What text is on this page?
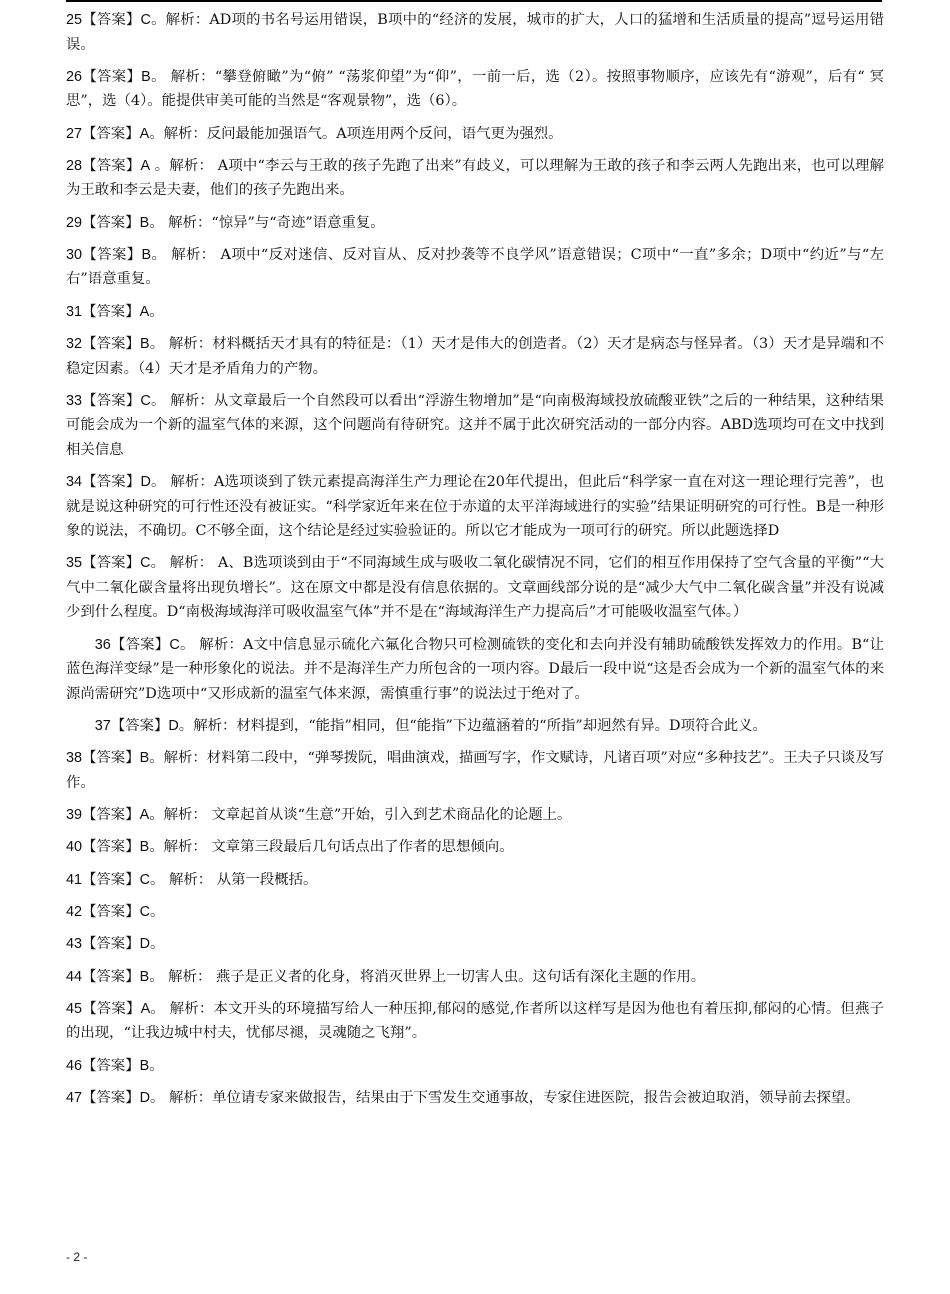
25【答案】C。解析：AD项的书名号运用错误，B项中的“经济的发展，城市的扩大，人口的猛增和生活质量的提高”逗号运用错误。

26【答案】B。 解析：“攀登俯瞰”为“俯” “荡浆仰望”为“仰”，一前一后，选（2）。按照事物顺序，应该先有“游观”，后有“ 冥思”，选（4）。能提供审美可能的当然是“客观景物”，选（6）。

27【答案】A。解析：反问最能加强语气。A项连用两个反问，语气更为强烈。

28【答案】A 。解析： A项中“李云与王敢的孩子先跑了出来”有歧义，可以理解为王敢的孩子和李云两人先跑出来，也可以理解为王敢和李云是夫妻，他们的孩子先跑出来。

29【答案】B。 解析：“惊异”与“奇迹”语意重复。

30【答案】B。 解析： A项中“反对迷信、反对盲从、反对抄袭等不良学风”语意错误；C项中“一直”多余；D项中“约近”与“左右”语意重复。

31【答案】A。

32【答案】B。 解析：材料概括天才具有的特征是：（1）天才是伟大的创造者。（2）天才是病态与怪异者。（3）天才是异端和不稳定因素。（4）天才是矛盾角力的产物。

33【答案】C。 解析：从文章最后一个自然段可以看出“浮游生物增加”是“向南极海域投放硫酸亚铁”之后的一种结果，这种结果可能会成为一个新的温室气体的来源，这个问题尚有待研究。这并不属于此次研究活动的一部分内容。ABD选项均可在文中找到相关信息

34【答案】D。 解析：A选项谈到了铁元素提高海洋生产力理论在20年代提出，但此后“科学家一直在对这一理论理行完善”，也就是说这种研究的可行性还没有被证实。“科学家近年来在位于赤道的太平洋海域进行的实验”结果证明研究的可行性。B是一种形象的说法，不确切。C不够全面，这个结论是经过实验验证的。所以它才能成为一项可行的研究。所以此题选择D

35【答案】C。 解析： A、B选项谈到由于“不同海域生成与吸收二氧化碳情况不同，它们的相互作用保持了空气含量的平衡”“大气中二氧化碳含量将出现负增长”。这在原文中都是没有信息依据的。文章画线部分说的是“减少大气中二氧化碳含量”并没有说减少到什么程度。D“南极海域海洋可吸收温室气体”并不是在“海域海洋生产力提高后”才可能吸收温室气体。）

36【答案】C。 解析：A文中信息显示硫化六氟化合物只可检测硫铁的变化和去向并没有辅助硫酸铁发挥效力的作用。B“让蓝色海洋变绿”是一种形象化的说法。并不是海洋生产力所包含的一项内容。D最后一段中说“这是否会成为一个新的温室气体的来源尚需研究”D选项中“又形成新的温室气体来源，需慎重行事”的说法过于绝对了。

37【答案】D。解析：材料提到，“能指”相同，但“能指”下边蕴涵着的“所指”却迥然有异。D项符合此义。

38【答案】B。解析：材料第二段中，“弹琴拨阮，唱曲演戏，描画写字，作文赋诗，凡诸百项”对应“多种技艺”。王夫子只谈及写作。

39【答案】A。解析： 文章起首从谈“生意”开始，引入到艺术商品化的论题上。

40【答案】B。解析： 文章第三段最后几句话点出了作者的思想倾向。

41【答案】C。 解析： 从第一段概括。

42【答案】C。

43【答案】D。

44【答案】B。 解析： 燕子是正义者的化身，将消灭世界上一切害人虫。这句话有深化主题的作用。

45【答案】A。 解析：本文开头的环境描写给人一种压抑,郁闷的感觉,作者所以这样写是因为他也有着压抑,郁闷的心情。但燕子的出现，“让我边城中村夫，忧郁尽褪，灵魂随之飞翔”。

46【答案】B。

47【答案】D。 解析：单位请专家来做报告，结果由于下雪发生交通事故，专家住进医院，报告会被迫取消，领导前去探望。

- 2 -
